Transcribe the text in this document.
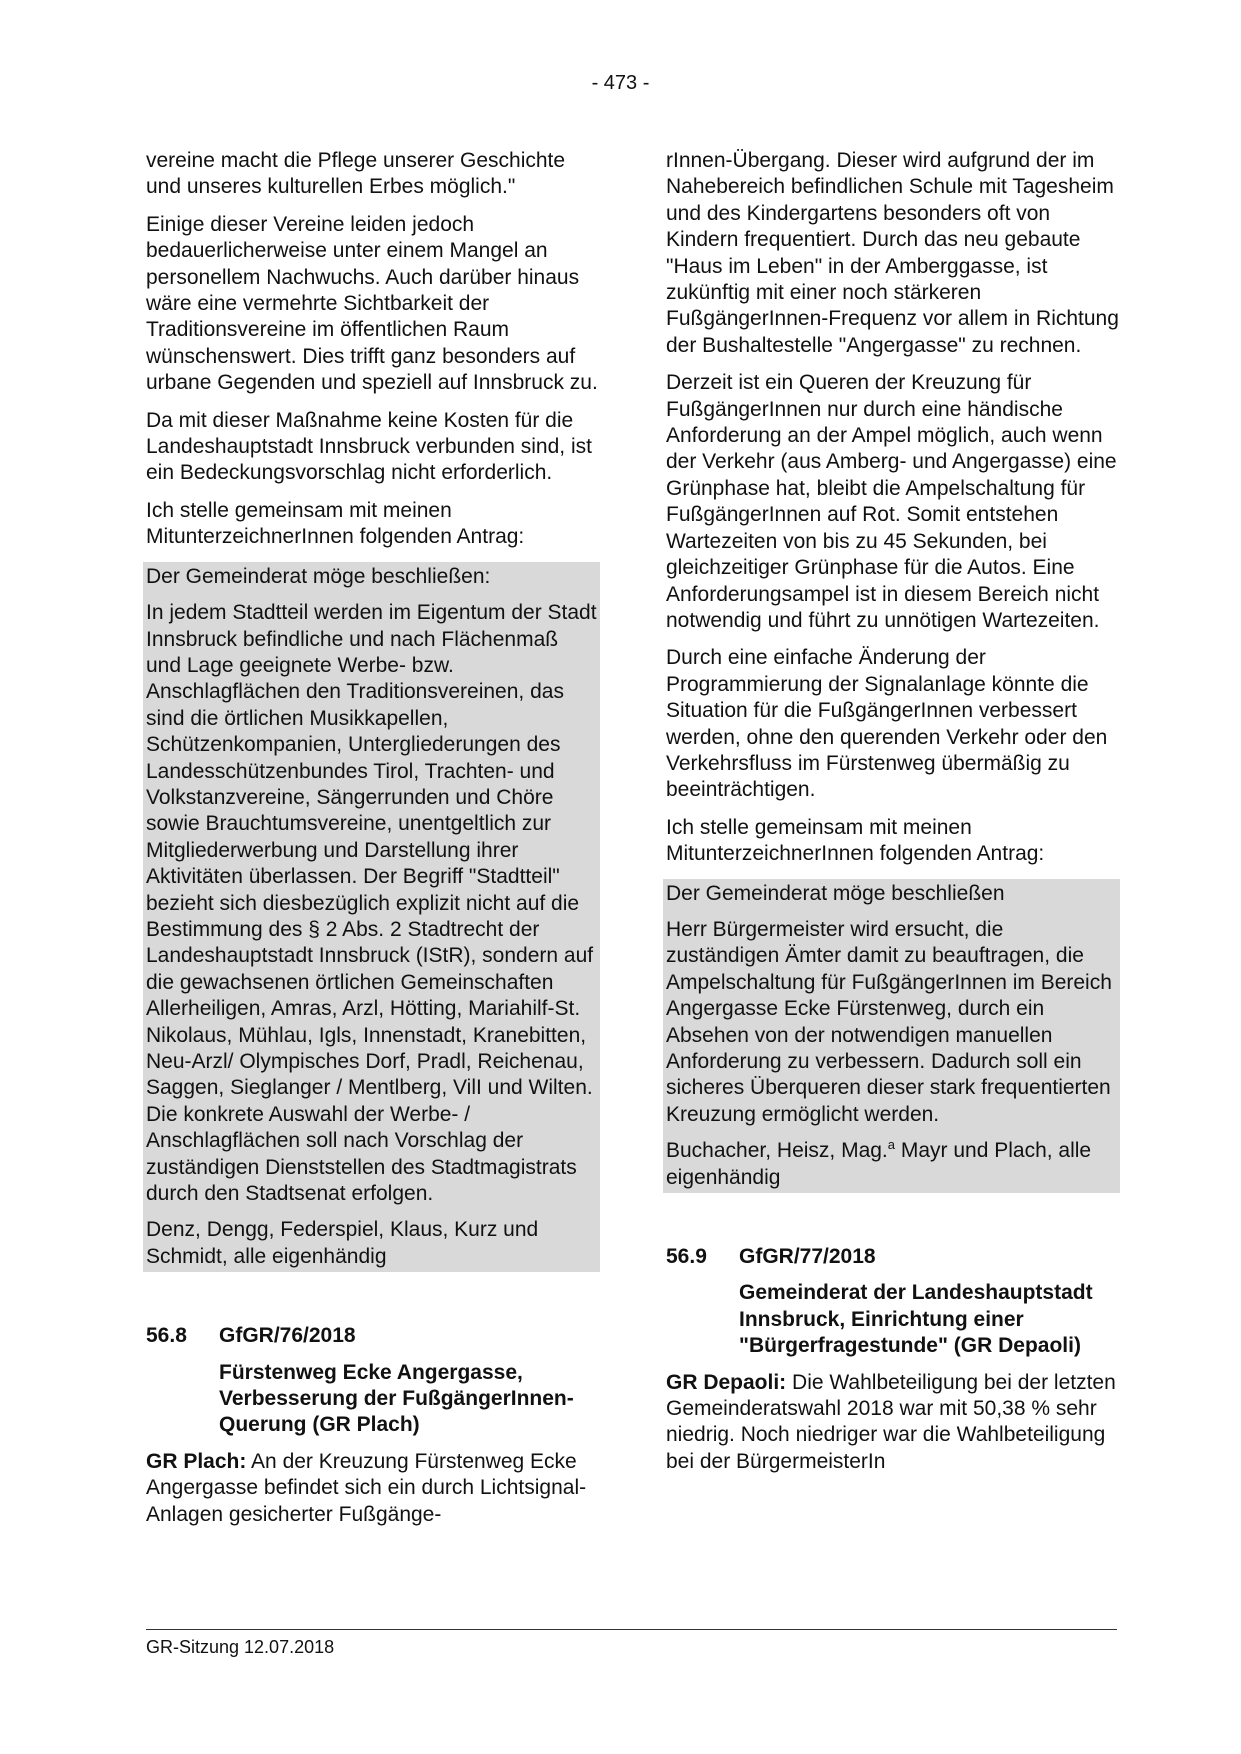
- 473 -

vereine macht die Pflege unserer Geschichte und unseres kulturellen Erbes möglich."

Einige dieser Vereine leiden jedoch bedauerlicherweise unter einem Mangel an personellem Nachwuchs. Auch darüber hinaus wäre eine vermehrte Sichtbarkeit der Traditionsvereine im öffentlichen Raum wünschenswert. Dies trifft ganz besonders auf urbane Gegenden und speziell auf Innsbruck zu.

Da mit dieser Maßnahme keine Kosten für die Landeshauptstadt Innsbruck verbunden sind, ist ein Bedeckungsvorschlag nicht erforderlich.

Ich stelle gemeinsam mit meinen MitunterzeichnerInnen folgenden Antrag:

Der Gemeinderat möge beschließen:

In jedem Stadtteil werden im Eigentum der Stadt Innsbruck befindliche und nach Flächenmaß und Lage geeignete Werbe- bzw. Anschlagflächen den Traditionsvereinen, das sind die örtlichen Musikkapellen, Schützenkompanien, Untergliederungen des Landesschützenbundes Tirol, Trachten- und Volkstanzvereine, Sängerrunden und Chöre sowie Brauchtumsvereine, unentgeltlich zur Mitgliederwerbung und Darstellung ihrer Aktivitäten überlassen. Der Begriff "Stadtteil" bezieht sich diesbezüglich explizit nicht auf die Bestimmung des § 2 Abs. 2 Stadtrecht der Landeshauptstadt Innsbruck (IStR), sondern auf die gewachsenen örtlichen Gemeinschaften Allerheiligen, Amras, Arzl, Hötting, Mariahilf-St. Nikolaus, Mühlau, Igls, Innenstadt, Kranebitten, Neu-Arzl/ Olympisches Dorf, Pradl, Reichenau, Saggen, Sieglanger / Mentlberg, VilI und Wilten. Die konkrete Auswahl der Werbe- / Anschlagflächen soll nach Vorschlag der zuständigen Dienststellen des Stadtmagistrats durch den Stadtsenat erfolgen.

Denz, Dengg, Federspiel, Klaus, Kurz und Schmidt, alle eigenhändig

56.8	GfGR/76/2018
Fürstenweg Ecke Angergasse, Verbesserung der FußgängerInnen-Querung (GR Plach)

GR Plach: An der Kreuzung Fürstenweg Ecke Angergasse befindet sich ein durch Lichtsignal-Anlagen gesicherter Fußgänge-

rInnen-Übergang. Dieser wird aufgrund der im Nahebereich befindlichen Schule mit Tagesheim und des Kindergartens besonders oft von Kindern frequentiert. Durch das neu gebaute "Haus im Leben" in der Amberggasse, ist zukünftig mit einer noch stärkeren FußgängerInnen-Frequenz vor allem in Richtung der Bushaltestelle "Angergasse" zu rechnen.

Derzeit ist ein Queren der Kreuzung für FußgängerInnen nur durch eine händische Anforderung an der Ampel möglich, auch wenn der Verkehr (aus Amberg- und Angergasse) eine Grünphase hat, bleibt die Ampelschaltung für FußgängerInnen auf Rot. Somit entstehen Wartezeiten von bis zu 45 Sekunden, bei gleichzeitiger Grünphase für die Autos. Eine Anforderungsampel ist in diesem Bereich nicht notwendig und führt zu unnötigen Wartezeiten.

Durch eine einfache Änderung der Programmierung der Signalanlage könnte die Situation für die FußgängerInnen verbessert werden, ohne den querenden Verkehr oder den Verkehrsfluss im Fürstenweg übermäßig zu beeinträchtigen.

Ich stelle gemeinsam mit meinen MitunterzeichnerInnen folgenden Antrag:

Der Gemeinderat möge beschließen

Herr Bürgermeister wird ersucht, die zuständigen Ämter damit zu beauftragen, die Ampelschaltung für FußgängerInnen im Bereich Angergasse Ecke Fürstenweg, durch ein Absehen von der notwendigen manuellen Anforderung zu verbessern. Dadurch soll ein sicheres Überqueren dieser stark frequentierten Kreuzung ermöglicht werden.

Buchacher, Heisz, Mag.$^a$ Mayr und Plach, alle eigenhändig

56.9	GfGR/77/2018
Gemeinderat der Landeshauptstadt Innsbruck, Einrichtung einer "Bürgerfragestunde" (GR Depaoli)

GR Depaoli: Die Wahlbeteiligung bei der letzten Gemeinderatswahl 2018 war mit 50,38 % sehr niedrig. Noch niedriger war die Wahlbeteiligung bei der BürgermeisterIn

GR-Sitzung 12.07.2018
